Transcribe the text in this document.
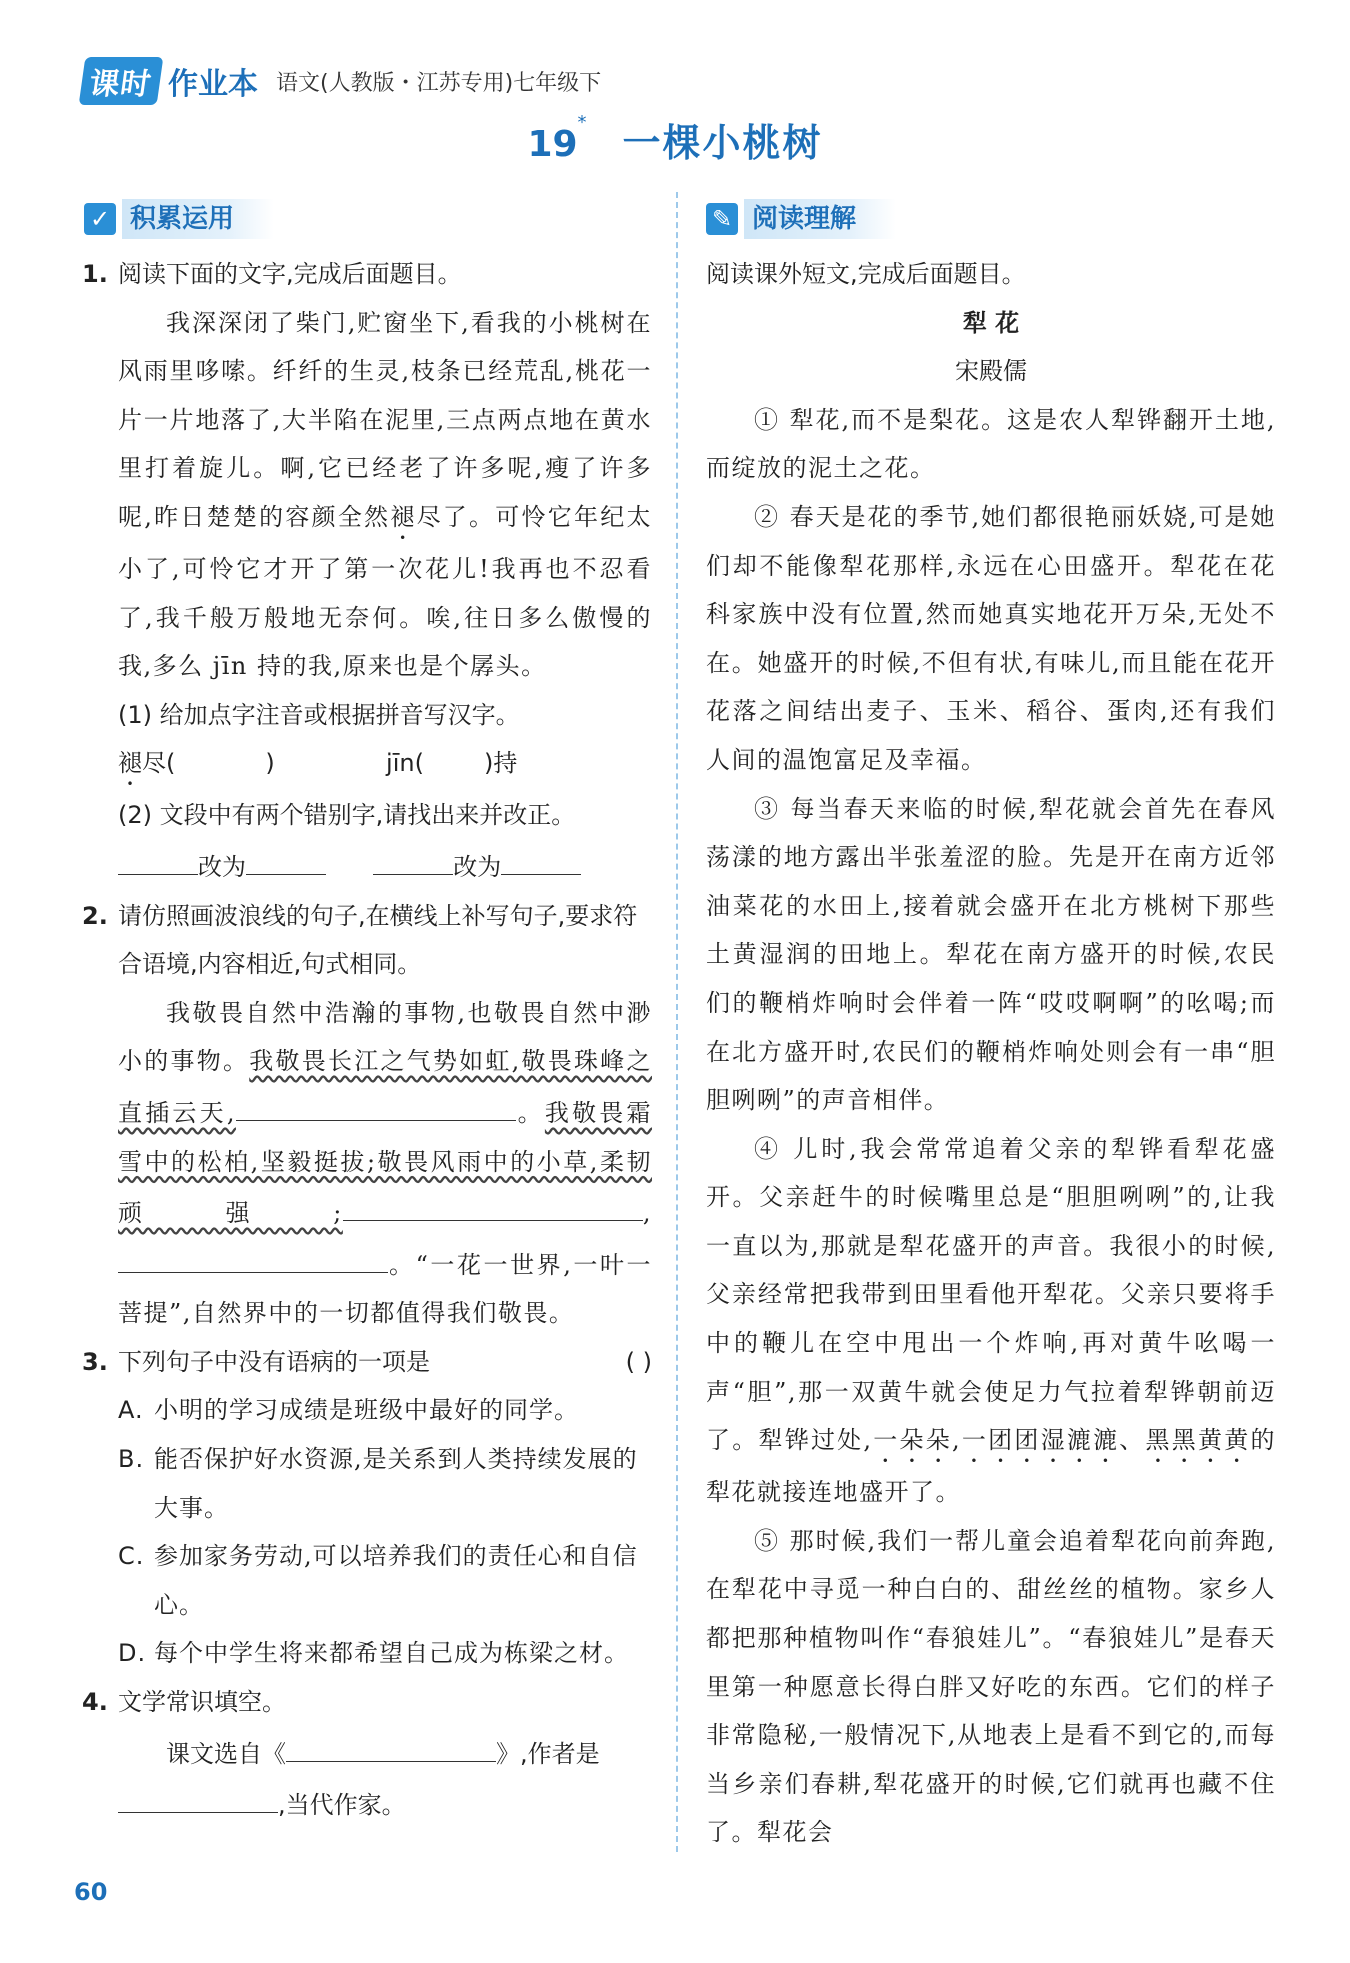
课时 作业本 语文(人教版・江苏专用)七年级下
19* 一棵小桃树
✓ 积累运用	✎ 阅读理解
1. 阅读下面的文字,完成后面题目。
我深深闭了柴门,贮窗坐下,看我的小桃树在风雨里哆嗦。纤纤的生灵,枝条已经荒乱,桃花一片一片地落了,大半陷在泥里,三点两点地在黄水里打着旋儿。啊,它已经老了许多呢,瘦了许多呢,昨日楚楚的容颜全然褪尽了。可怜它年纪太小了,可怜它才开了第一次花儿!我再也不忍看了,我千般万般地无奈何。唉,往日多么傲慢的我,多么 jīn 持的我,原来也是个孱头。
(1) 给加点字注音或根据拼音写汉字。
褪尽(	)	jīn(	)持
(2) 文段中有两个错别字,请找出来并改正。
改为	改为
2. 请仿照画波浪线的句子,在横线上补写句子,要求符合语境,内容相近,句式相同。
我敬畏自然中浩瀚的事物,也敬畏自然中渺小的事物。我敬畏长江之气势如虹,敬畏珠峰之直插云天,	。我敬畏霜雪中的松柏,坚毅挺拔;敬畏风雨中的小草,柔韧顽强;	,。“一花一世界,一叶一菩提”,自然界中的一切都值得我们敬畏。
3. 下列句子中没有语病的一项是	( )
A. 小明的学习成绩是班级中最好的同学。
B. 能否保护好水资源,是关系到人类持续发展的大事。
C. 参加家务劳动,可以培养我们的责任心和自信心。
D. 每个中学生将来都希望自己成为栋梁之材。
4. 文学常识填空。
课文选自《	》,作者是
,当代作家。
阅读课外短文,完成后面题目。
犁 花
宋殿儒
① 犁花,而不是梨花。这是农人犁铧翻开土地,而绽放的泥土之花。
② 春天是花的季节,她们都很艳丽妖娆,可是她们却不能像犁花那样,永远在心田盛开。犁花在花科家族中没有位置,然而她真实地花开万朵,无处不在。她盛开的时候,不但有状,有味儿,而且能在花开花落之间结出麦子、玉米、稻谷、蛋肉,还有我们人间的温饱富足及幸福。
③ 每当春天来临的时候,犁花就会首先在春风荡漾的地方露出半张羞涩的脸。先是开在南方近邻油菜花的水田上,接着就会盛开在北方桃树下那些土黄湿润的田地上。犁花在南方盛开的时候,农民们的鞭梢炸响时会伴着一阵“哎哎啊啊”的吆喝;而在北方盛开时,农民们的鞭梢炸响处则会有一串“胆胆咧咧”的声音相伴。
④ 儿时,我会常常追着父亲的犁铧看犁花盛开。父亲赶牛的时候嘴里总是“胆胆咧咧”的,让我一直以为,那就是犁花盛开的声音。我很小的时候,父亲经常把我带到田里看他开犁花。父亲只要将手中的鞭儿在空中甩出一个炸响,再对黄牛吆喝一声“胆”,那一双黄牛就会使足力气拉着犁铧朝前迈了。犁铧过处,一朵朵,一团团湿漉漉、黑黑黄黄的犁花就接连地盛开了。
⑤ 那时候,我们一帮儿童会追着犁花向前奔跑,在犁花中寻觅一种白白的、甜丝丝的植物。家乡人都把那种植物叫作“春狼娃儿”。“春狼娃儿”是春天里第一种愿意长得白胖又好吃的东西。它们的样子非常隐秘,一般情况下,从地表上是看不到它的,而每当乡亲们春耕,犁花盛开的时候,它们就再也藏不住了。犁花会
60
